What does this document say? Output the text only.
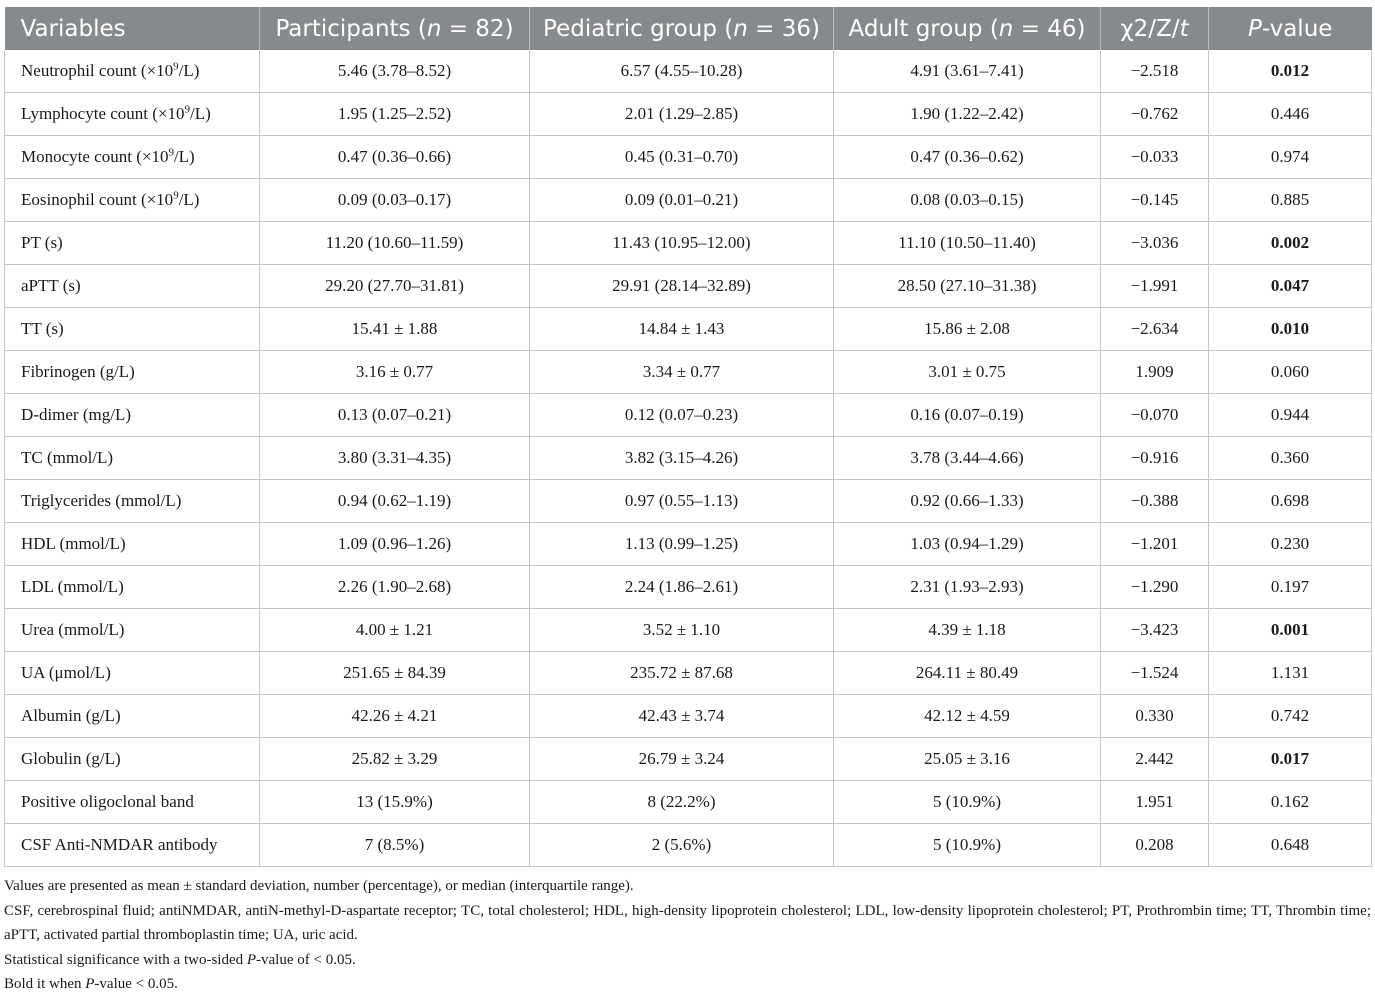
Variables	Participants (n = 82)	Pediatric group (n = 36)	Adult group (n = 46)	χ2/Z/t	P-value
Neutrophil count $(\times 10^9/L)$	5.46 (3.78–8.52)	6.57 (4.55–10.28)	4.91 (3.61–7.41)	−2.518	0.012
Lymphocyte count $(\times 10^9/L)$	1.95 (1.25–2.52)	2.01 (1.29–2.85)	1.90 (1.22–2.42)	−0.762	0.446
Monocyte count $(\times 10^9/L)$	0.47 (0.36–0.66)	0.45 (0.31–0.70)	0.47 (0.36–0.62)	−0.033	0.974
Eosinophil count $(\times 10^9/L)$	0.09 (0.03–0.17)	0.09 (0.01–0.21)	0.08 (0.03–0.15)	−0.145	0.885
PT (s)	11.20 (10.60–11.59)	11.43 (10.95–12.00)	11.10 (10.50–11.40)	−3.036	0.002
aPTT (s)	29.20 (27.70–31.81)	29.91 (28.14–32.89)	28.50 (27.10–31.38)	−1.991	0.047
TT (s)	15.41 ± 1.88	14.84 ± 1.43	15.86 ± 2.08	−2.634	0.010
Fibrinogen (g/L)	3.16 ± 0.77	3.34 ± 0.77	3.01 ± 0.75	1.909	0.060
D-dimer (mg/L)	0.13 (0.07–0.21)	0.12 (0.07–0.23)	0.16 (0.07–0.19)	−0.070	0.944
TC (mmol/L)	3.80 (3.31–4.35)	3.82 (3.15–4.26)	3.78 (3.44–4.66)	−0.916	0.360
Triglycerides (mmol/L)	0.94 (0.62–1.19)	0.97 (0.55–1.13)	0.92 (0.66–1.33)	−0.388	0.698
HDL (mmol/L)	1.09 (0.96–1.26)	1.13 (0.99–1.25)	1.03 (0.94–1.29)	−1.201	0.230
LDL (mmol/L)	2.26 (1.90–2.68)	2.24 (1.86–2.61)	2.31 (1.93–2.93)	−1.290	0.197
Urea (mmol/L)	4.00 ± 1.21	3.52 ± 1.10	4.39 ± 1.18	−3.423	0.001
UA (μmol/L)	251.65 ± 84.39	235.72 ± 87.68	264.11 ± 80.49	−1.524	1.131
Albumin (g/L)	42.26 ± 4.21	42.43 ± 3.74	42.12 ± 4.59	0.330	0.742
Globulin (g/L)	25.82 ± 3.29	26.79 ± 3.24	25.05 ± 3.16	2.442	0.017
Positive oligoclonal band	13 (15.9%)	8 (22.2%)	5 (10.9%)	1.951	0.162
CSF Anti-NMDAR antibody	7 (8.5%)	2 (5.6%)	5 (10.9%)	0.208	0.648

Values are presented as mean ± standard deviation, number (percentage), or median (interquartile range).

CSF, cerebrospinal fluid; antiNMDAR, antiN-methyl-D-aspartate receptor; TC, total cholesterol; HDL, high-density lipoprotein cholesterol; LDL, low-density lipoprotein cholesterol; PT, Prothrombin time; TT, Thrombin time; aPTT, activated partial thromboplastin time; UA, uric acid.

Statistical significance with a two-sided P-value of < 0.05.

Bold it when P-value < 0.05.
